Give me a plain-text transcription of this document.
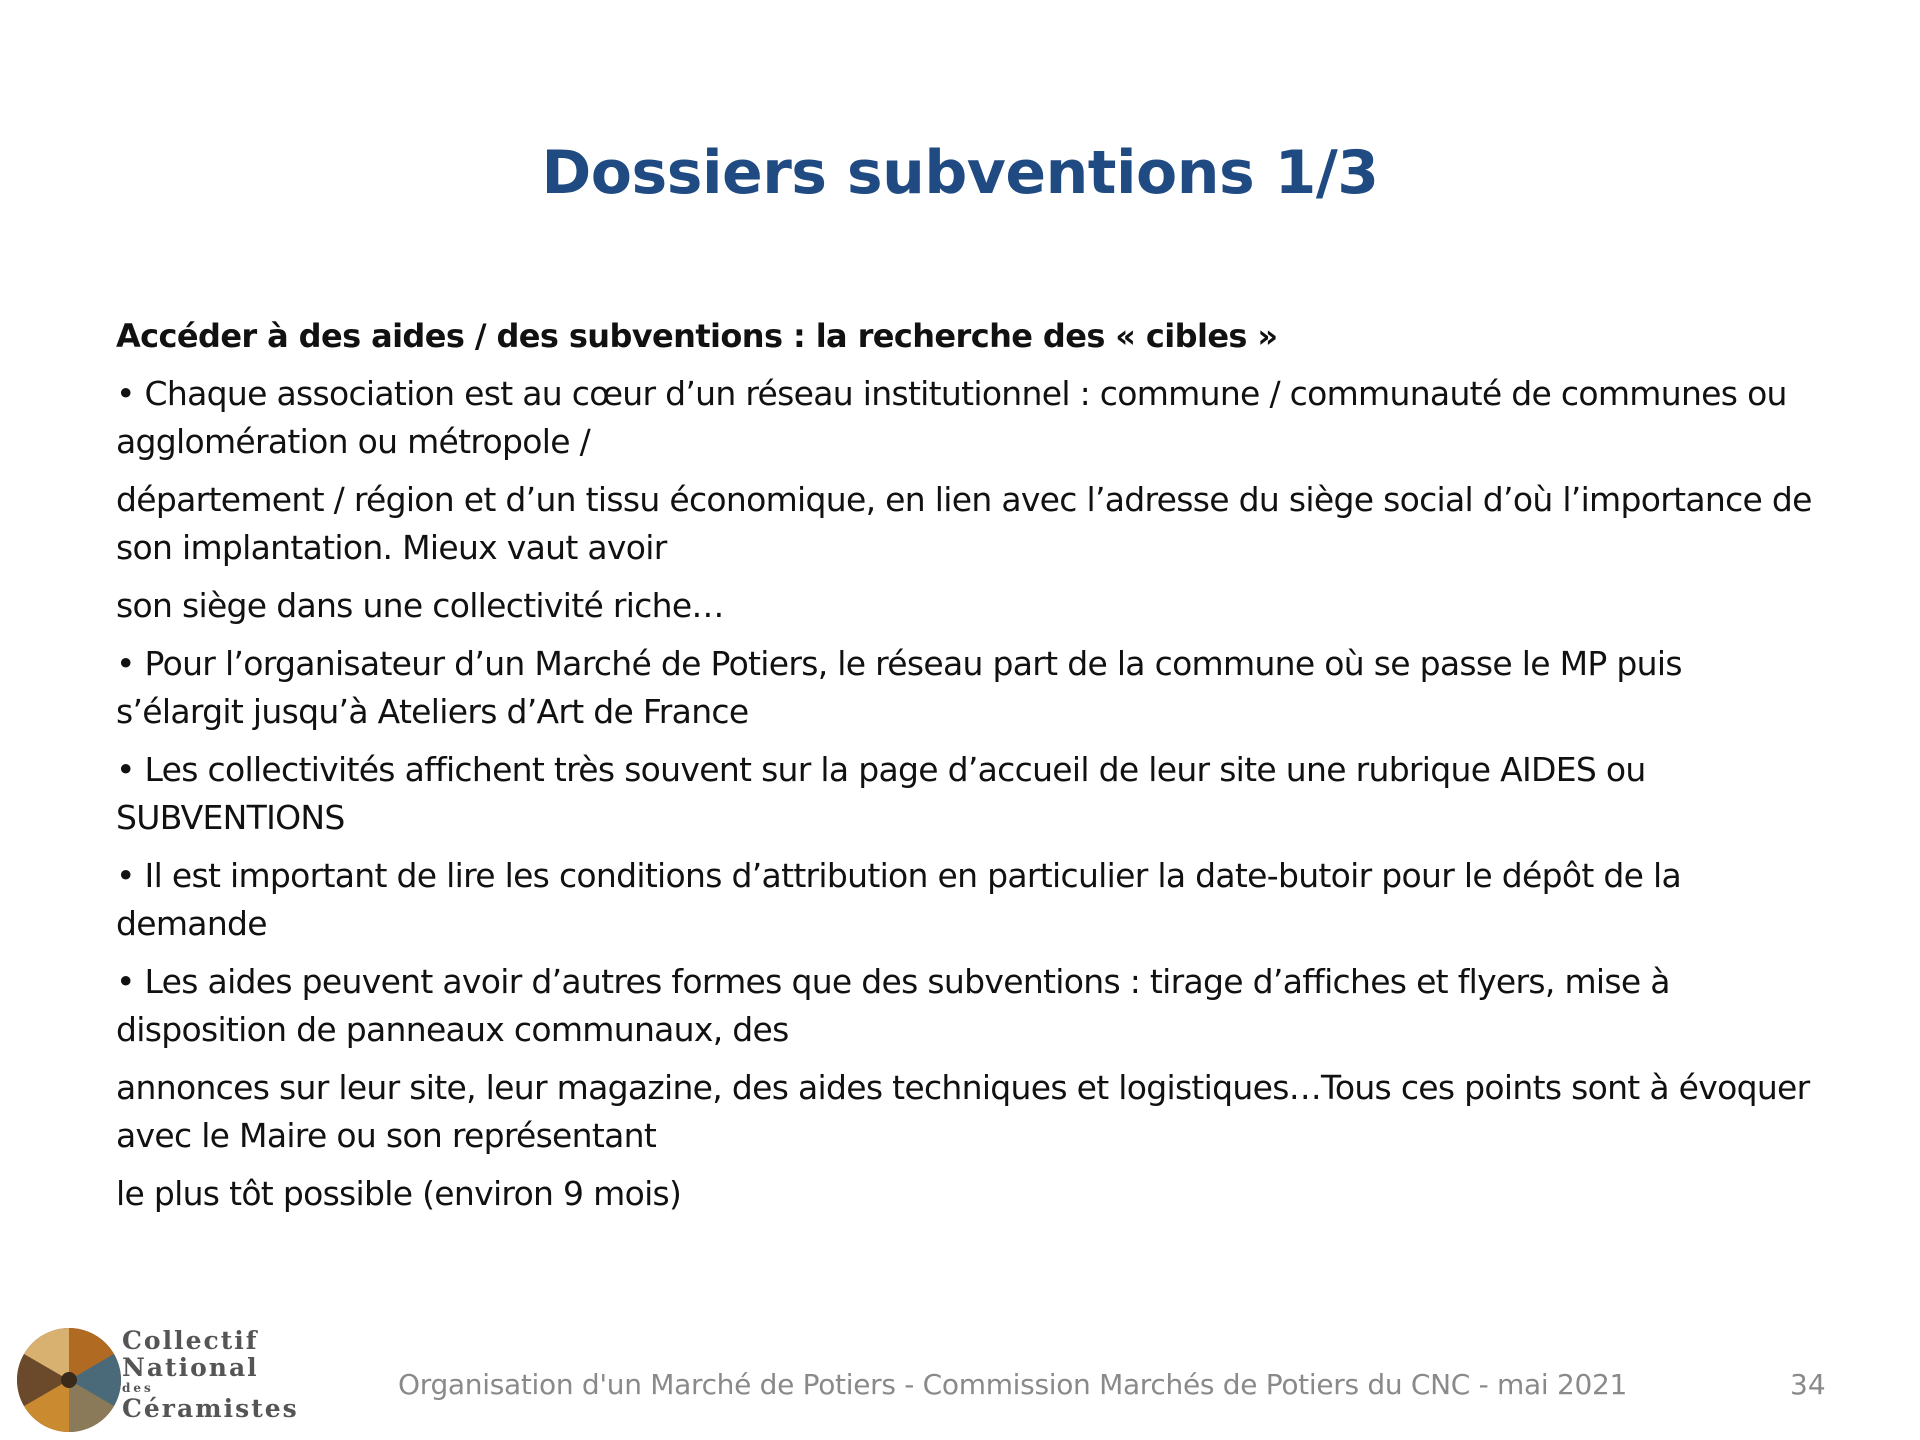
Dossiers subventions 1/3
Accéder à des aides / des subventions : la recherche des « cibles »
• Chaque association est au cœur d’un réseau institutionnel : commune / communauté de communes ou agglomération ou métropole /
département / région et d’un tissu économique, en lien avec l’adresse du siège social d’où l’importance de son implantation. Mieux vaut avoir
son siège dans une collectivité riche…
• Pour l’organisateur d’un Marché de Potiers, le réseau part de la commune où se passe le MP puis s’élargit jusqu’à Ateliers d’Art de France
• Les collectivités affichent très souvent sur la page d’accueil de leur site une rubrique AIDES ou SUBVENTIONS
• Il est important de lire les conditions d’attribution en particulier la date-butoir pour le dépôt de la demande
• Les aides peuvent avoir d’autres formes que des subventions : tirage d’affiches et flyers, mise à disposition de panneaux communaux, des
annonces sur leur site, leur magazine, des aides techniques et logistiques…Tous ces points sont à évoquer avec le Maire ou son représentant
le plus tôt possible (environ 9 mois)
Collectif
National
des
Céramistes
Organisation d'un Marché de Potiers - Commission Marchés de Potiers du CNC - mai 2021	34
